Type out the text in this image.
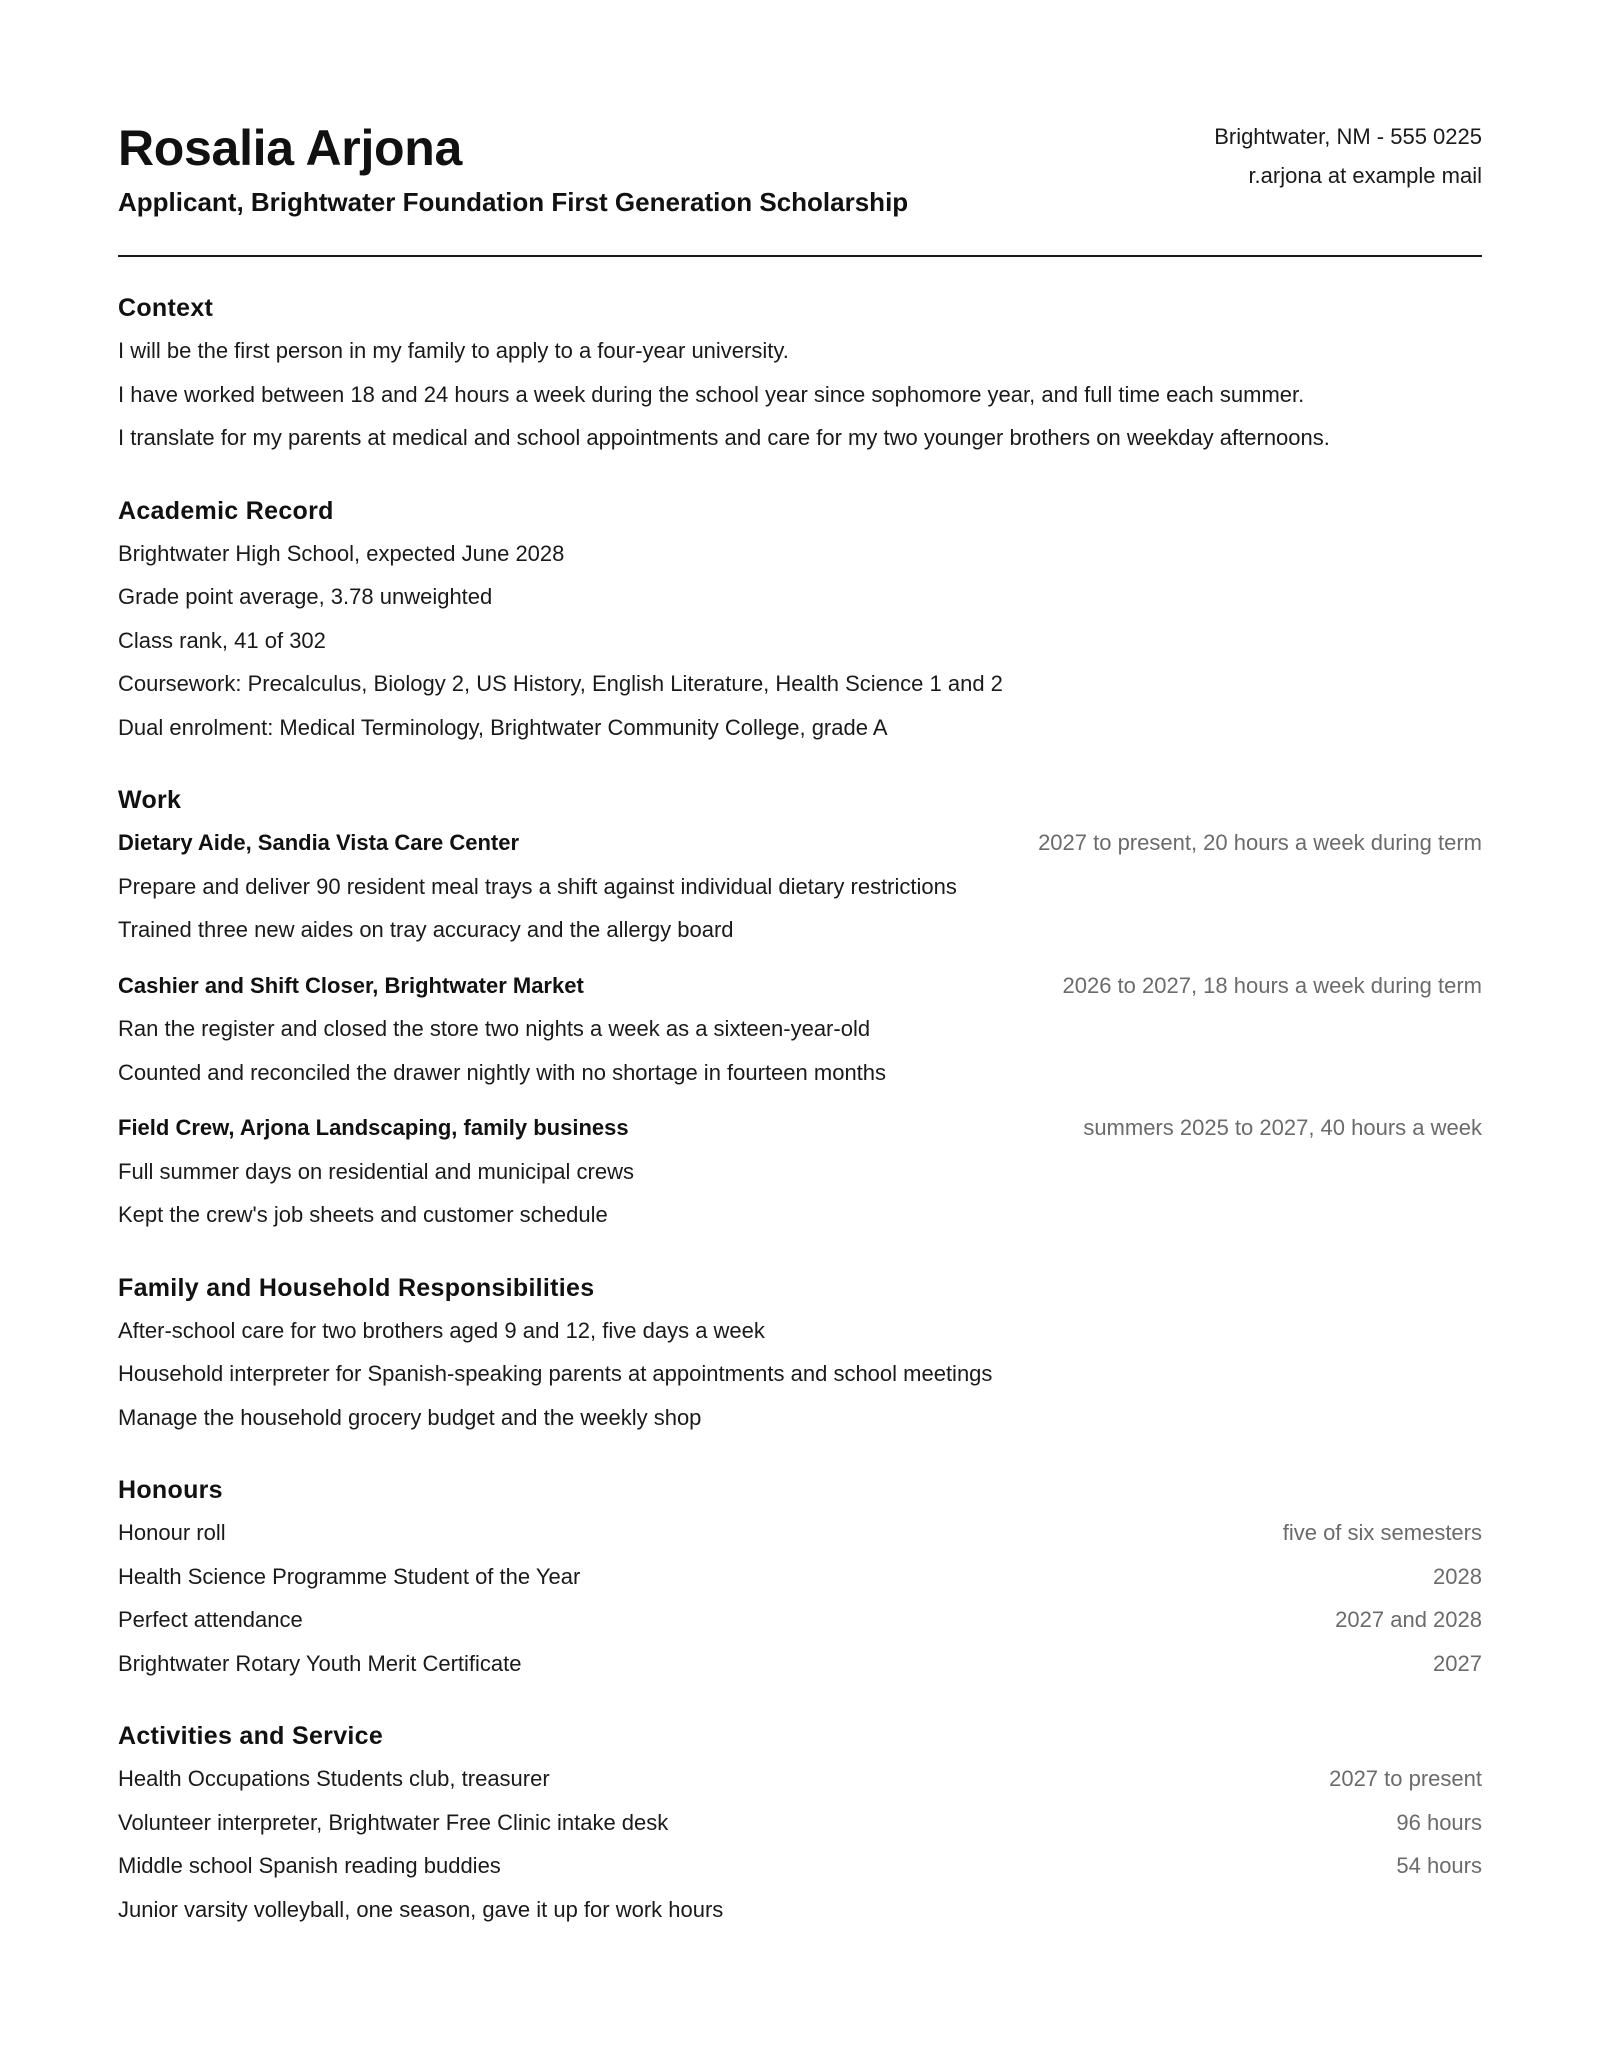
Rosalia Arjona
Applicant, Brightwater Foundation First Generation Scholarship
Brightwater, NM - 555 0225
r.arjona at example mail
Context
I will be the first person in my family to apply to a four-year university.
I have worked between 18 and 24 hours a week during the school year since sophomore year, and full time each summer.
I translate for my parents at medical and school appointments and care for my two younger brothers on weekday afternoons.
Academic Record
Brightwater High School, expected June 2028
Grade point average, 3.78 unweighted
Class rank, 41 of 302
Coursework: Precalculus, Biology 2, US History, English Literature, Health Science 1 and 2
Dual enrolment: Medical Terminology, Brightwater Community College, grade A
Work
Dietary Aide, Sandia Vista Care Center	2027 to present, 20 hours a week during term
Prepare and deliver 90 resident meal trays a shift against individual dietary restrictions
Trained three new aides on tray accuracy and the allergy board
Cashier and Shift Closer, Brightwater Market	2026 to 2027, 18 hours a week during term
Ran the register and closed the store two nights a week as a sixteen-year-old
Counted and reconciled the drawer nightly with no shortage in fourteen months
Field Crew, Arjona Landscaping, family business	summers 2025 to 2027, 40 hours a week
Full summer days on residential and municipal crews
Kept the crew's job sheets and customer schedule
Family and Household Responsibilities
After-school care for two brothers aged 9 and 12, five days a week
Household interpreter for Spanish-speaking parents at appointments and school meetings
Manage the household grocery budget and the weekly shop
Honours
Honour roll	five of six semesters
Health Science Programme Student of the Year	2028
Perfect attendance	2027 and 2028
Brightwater Rotary Youth Merit Certificate	2027
Activities and Service
Health Occupations Students club, treasurer	2027 to present
Volunteer interpreter, Brightwater Free Clinic intake desk	96 hours
Middle school Spanish reading buddies	54 hours
Junior varsity volleyball, one season, gave it up for work hours
